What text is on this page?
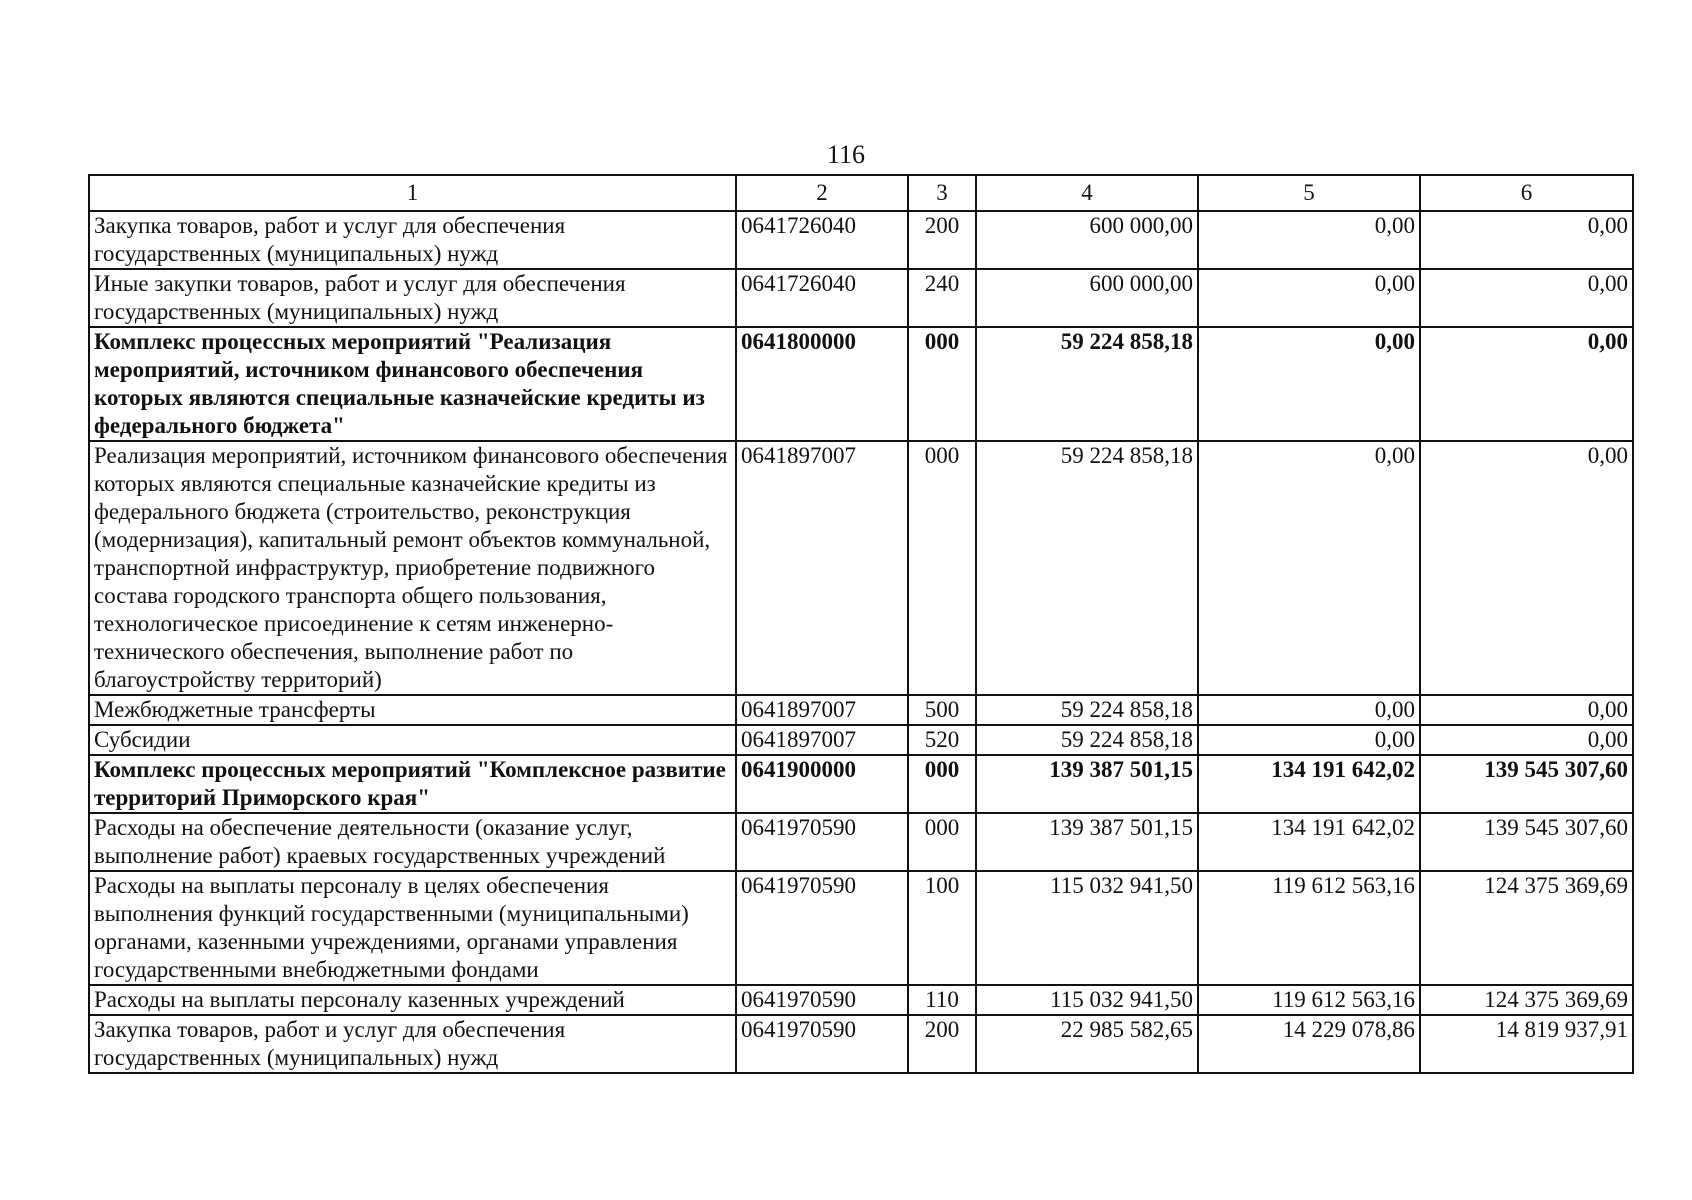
116
1	2	3	4	5	6
Закупка товаров, работ и услуг для обеспечения государственных (муниципальных) нужд	0641726040	200	600 000,00	0,00	0,00
Иные закупки товаров, работ и услуг для обеспечения государственных (муниципальных) нужд	0641726040	240	600 000,00	0,00	0,00
Комплекс процессных мероприятий "Реализация мероприятий, источником финансового обеспечения которых являются специальные казначейские кредиты из федерального бюджета"	0641800000	000	59 224 858,18	0,00	0,00
Реализация мероприятий, источником финансового обеспечения которых являются специальные казначейские кредиты из федерального бюджета (строительство, реконструкция (модернизация), капитальный ремонт объектов коммунальной, транспортной инфраструктур, приобретение подвижного состава городского транспорта общего пользования, технологическое присоединение к сетям инженерно-технического обеспечения, выполнение работ по благоустройству территорий)	0641897007	000	59 224 858,18	0,00	0,00
Межбюджетные трансферты	0641897007	500	59 224 858,18	0,00	0,00
Субсидии	0641897007	520	59 224 858,18	0,00	0,00
Комплекс процессных мероприятий "Комплексное развитие территорий Приморского края"	0641900000	000	139 387 501,15	134 191 642,02	139 545 307,60
Расходы на обеспечение деятельности (оказание услуг, выполнение работ) краевых государственных учреждений	0641970590	000	139 387 501,15	134 191 642,02	139 545 307,60
Расходы на выплаты персоналу в целях обеспечения выполнения функций государственными (муниципальными) органами, казенными учреждениями, органами управления государственными внебюджетными фондами	0641970590	100	115 032 941,50	119 612 563,16	124 375 369,69
Расходы на выплаты персоналу казенных учреждений	0641970590	110	115 032 941,50	119 612 563,16	124 375 369,69
Закупка товаров, работ и услуг для обеспечения государственных (муниципальных) нужд	0641970590	200	22 985 582,65	14 229 078,86	14 819 937,91
